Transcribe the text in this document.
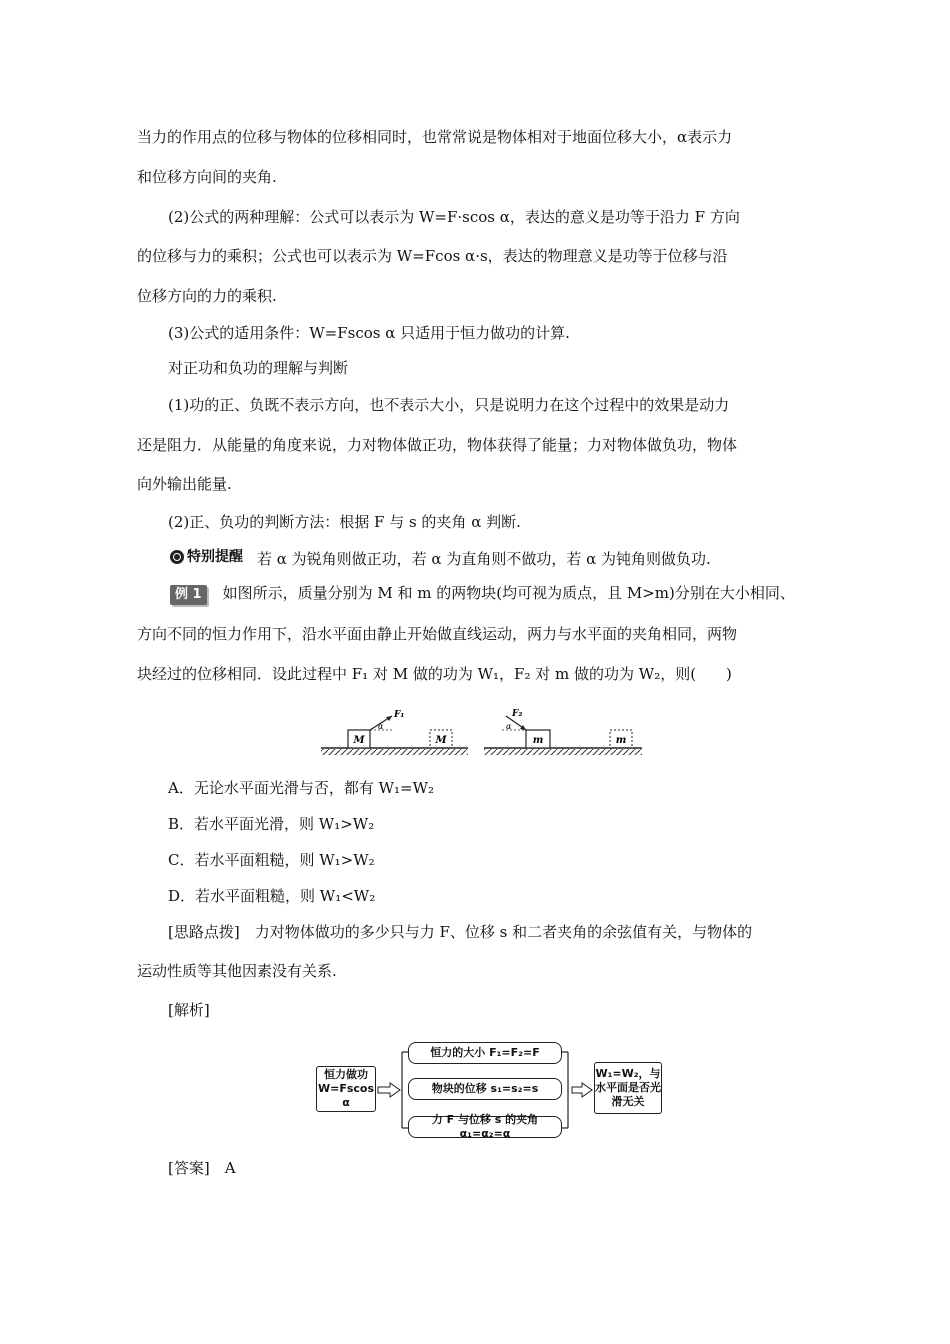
当力的作用点的位移与物体的位移相同时，也常常说是物体相对于地面位移大小，α表示力
和位移方向间的夹角.
(2)公式的两种理解：公式可以表示为 W=F·scos α，表达的意义是功等于沿力 F 方向
的位移与力的乘积；公式也可以表示为 W=Fcos α·s，表达的物理意义是功等于位移与沿
位移方向的力的乘积.
(3)公式的适用条件：W=Fscos α 只适用于恒力做功的计算.
对正功和负功的理解与判断
(1)功的正、负既不表示方向，也不表示大小，只是说明力在这个过程中的效果是动力
还是阻力．从能量的角度来说，力对物体做正功，物体获得了能量；力对物体做负功，物体
向外输出能量.
(2)正、负功的判断方法：根据 F 与 s 的夹角 α 判断.
特别提醒 若 α 为锐角则做正功，若 α 为直角则不做功，若 α 为钝角则做负功.
例 1 如图所示，质量分别为 M 和 m 的两物块(均可视为质点，且 M>m)分别在大小相同、
方向不同的恒力作用下，沿水平面由静止开始做直线运动，两力与水平面的夹角相同，两物
块经过的位移相同．设此过程中 F₁ 对 M 做的功为 W₁，F₂ 对 m 做的功为 W₂，则(　　)
M
F₁
α
M	m
F₂
α
m
A．无论水平面光滑与否，都有 W₁=W₂
B．若水平面光滑，则 W₁>W₂
C．若水平面粗糙，则 W₁>W₂
D．若水平面粗糙，则 W₁<W₂
[思路点拨]　力对物体做功的多少只与力 F、位移 s 和二者夹角的余弦值有关，与物体的
运动性质等其他因素没有关系.
[解析]
恒力做功 W=Fscos α
恒力的大小 F₁=F₂=F
物块的位移 s₁=s₂=s
力 F 与位移 s 的夹角 α₁=α₂=α
W₁=W₂，与水平面是否光滑无关
[答案]　A
